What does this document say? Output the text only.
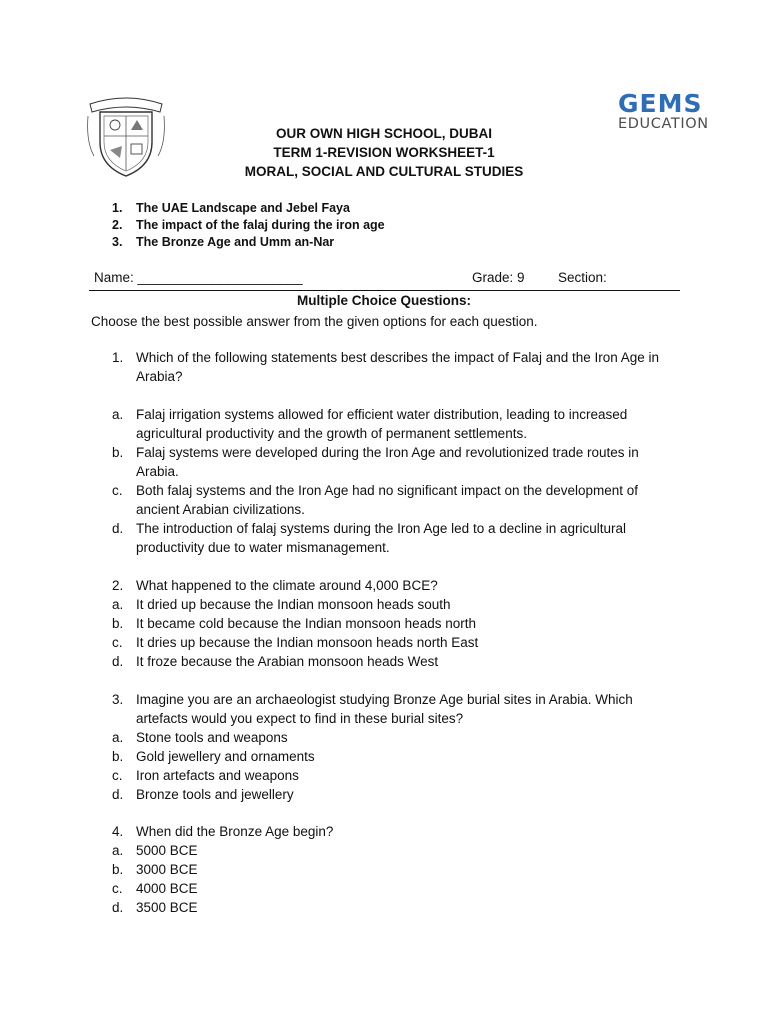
GEMS
EDUCATION
OUR OWN HIGH SCHOOL, DUBAI
TERM 1-REVISION WORKSHEET-1
MORAL, SOCIAL AND CULTURAL STUDIES
1.	The UAE Landscape and Jebel Faya
2.	The impact of the falaj during the iron age
3.	The Bronze Age and Umm an-Nar
Name: ______________________	Grade: 9 Section:
Multiple Choice Questions:
Choose the best possible answer from the given options for each question.
1. Which of the following statements best describes the impact of Falaj and the Iron Age in Arabia?
a. Falaj irrigation systems allowed for efficient water distribution, leading to increased agricultural productivity and the growth of permanent settlements.
b. Falaj systems were developed during the Iron Age and revolutionized trade routes in Arabia.
c. Both falaj systems and the Iron Age had no significant impact on the development of ancient Arabian civilizations.
d. The introduction of falaj systems during the Iron Age led to a decline in agricultural productivity due to water mismanagement.
2. What happened to the climate around 4,000 BCE?
a. It dried up because the Indian monsoon heads south
b. It became cold because the Indian monsoon heads north
c. It dries up because the Indian monsoon heads north East
d. It froze because the Arabian monsoon heads West
3. Imagine you are an archaeologist studying Bronze Age burial sites in Arabia. Which artefacts would you expect to find in these burial sites?
a. Stone tools and weapons
b. Gold jewellery and ornaments
c. Iron artefacts and weapons
d. Bronze tools and jewellery
4. When did the Bronze Age begin?
a. 5000 BCE
b. 3000 BCE
c. 4000 BCE
d. 3500 BCE
